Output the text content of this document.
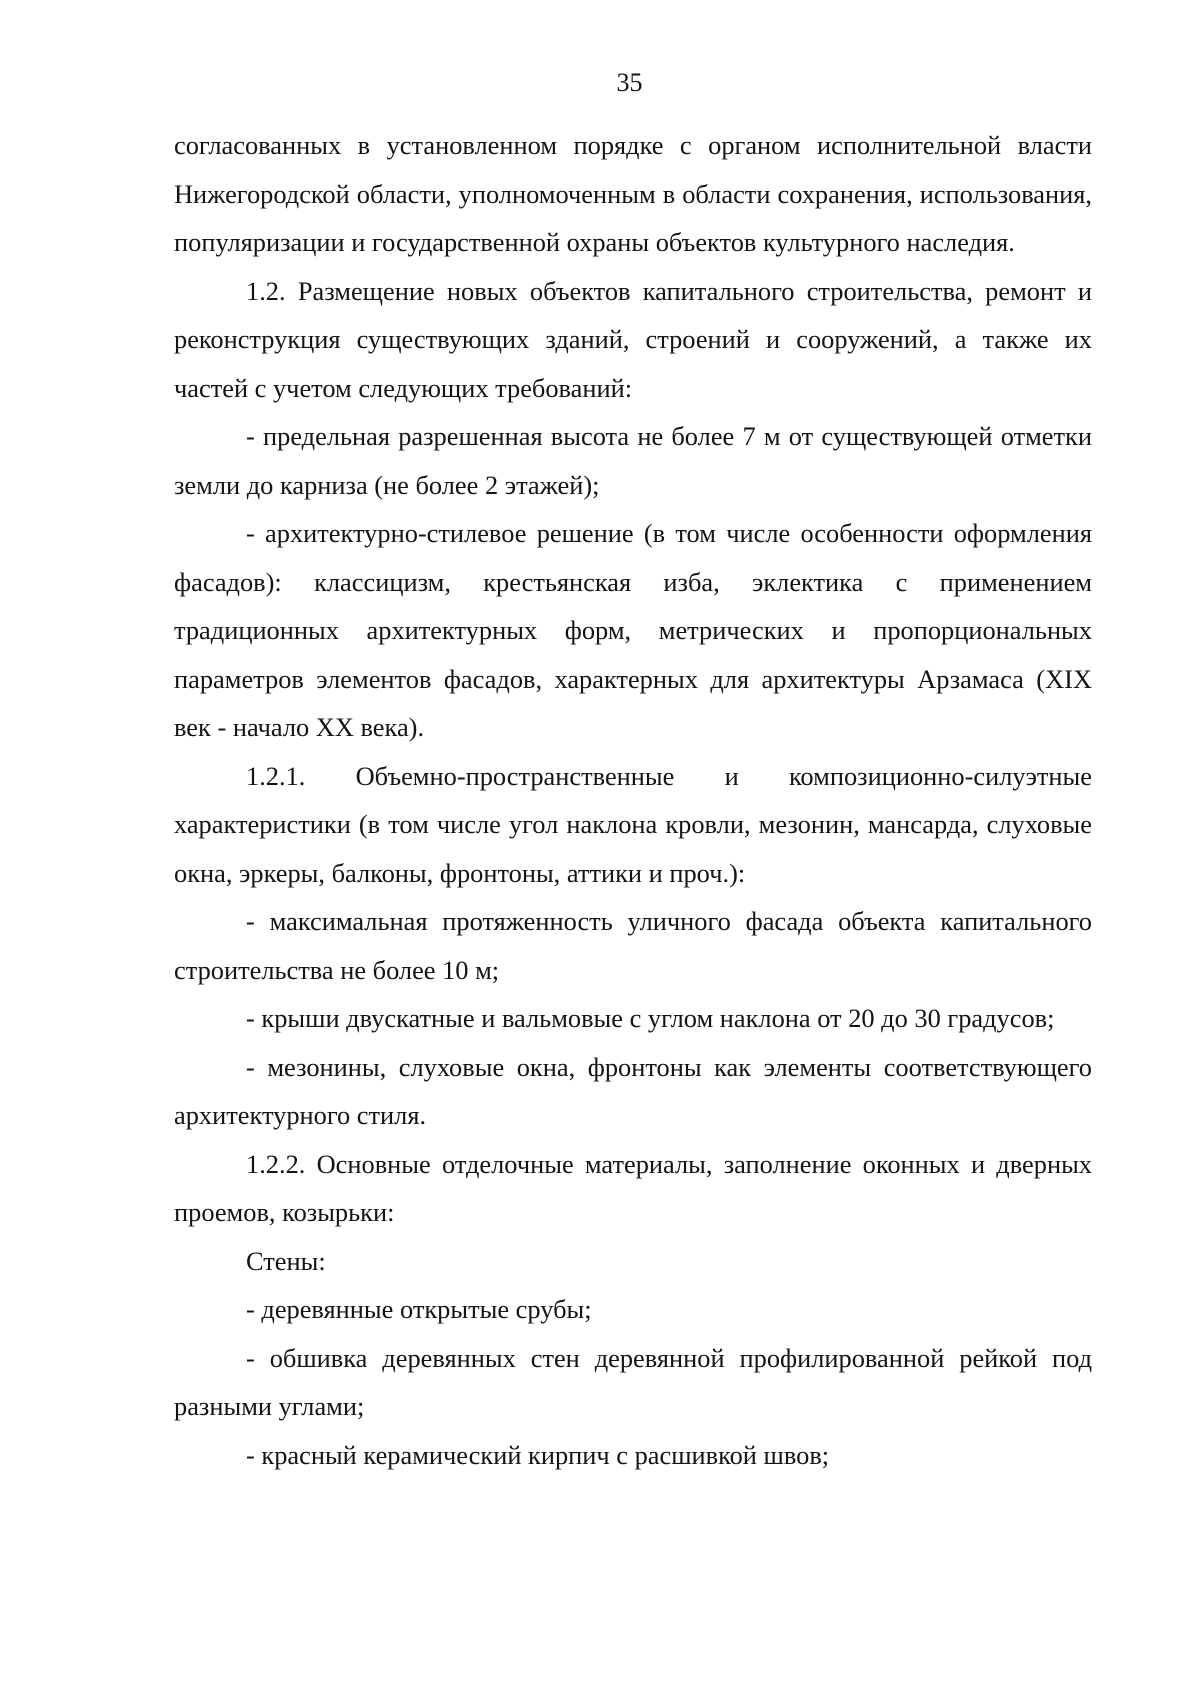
35

согласованных в установленном порядке с органом исполнительной власти Нижегородской области, уполномоченным в области сохранения, использования, популяризации и государственной охраны объектов культурного наследия.

1.2. Размещение новых объектов капитального строительства, ремонт и реконструкция существующих зданий, строений и сооружений, а также их частей с учетом следующих требований:

- предельная разрешенная высота не более 7 м от существующей отметки земли до карниза (не более 2 этажей);

- архитектурно-стилевое решение (в том числе особенности оформления фасадов): классицизм, крестьянская изба, эклектика с применением традиционных архитектурных форм, метрических и пропорциональных параметров элементов фасадов, характерных для архитектуры Арзамаса (XIX век - начало XX века).

1.2.1. Объемно-пространственные и композиционно-силуэтные характеристики (в том числе угол наклона кровли, мезонин, мансарда, слуховые окна, эркеры, балконы, фронтоны, аттики и проч.):

- максимальная протяженность уличного фасада объекта капитального строительства не более 10 м;

- крыши двускатные и вальмовые с углом наклона от 20 до 30 градусов;

- мезонины, слуховые окна, фронтоны как элементы соответствующего архитектурного стиля.

1.2.2. Основные отделочные материалы, заполнение оконных и дверных проемов, козырьки:

Стены:

- деревянные открытые срубы;

- обшивка деревянных стен деревянной профилированной рейкой под разными углами;

- красный керамический кирпич с расшивкой швов;
